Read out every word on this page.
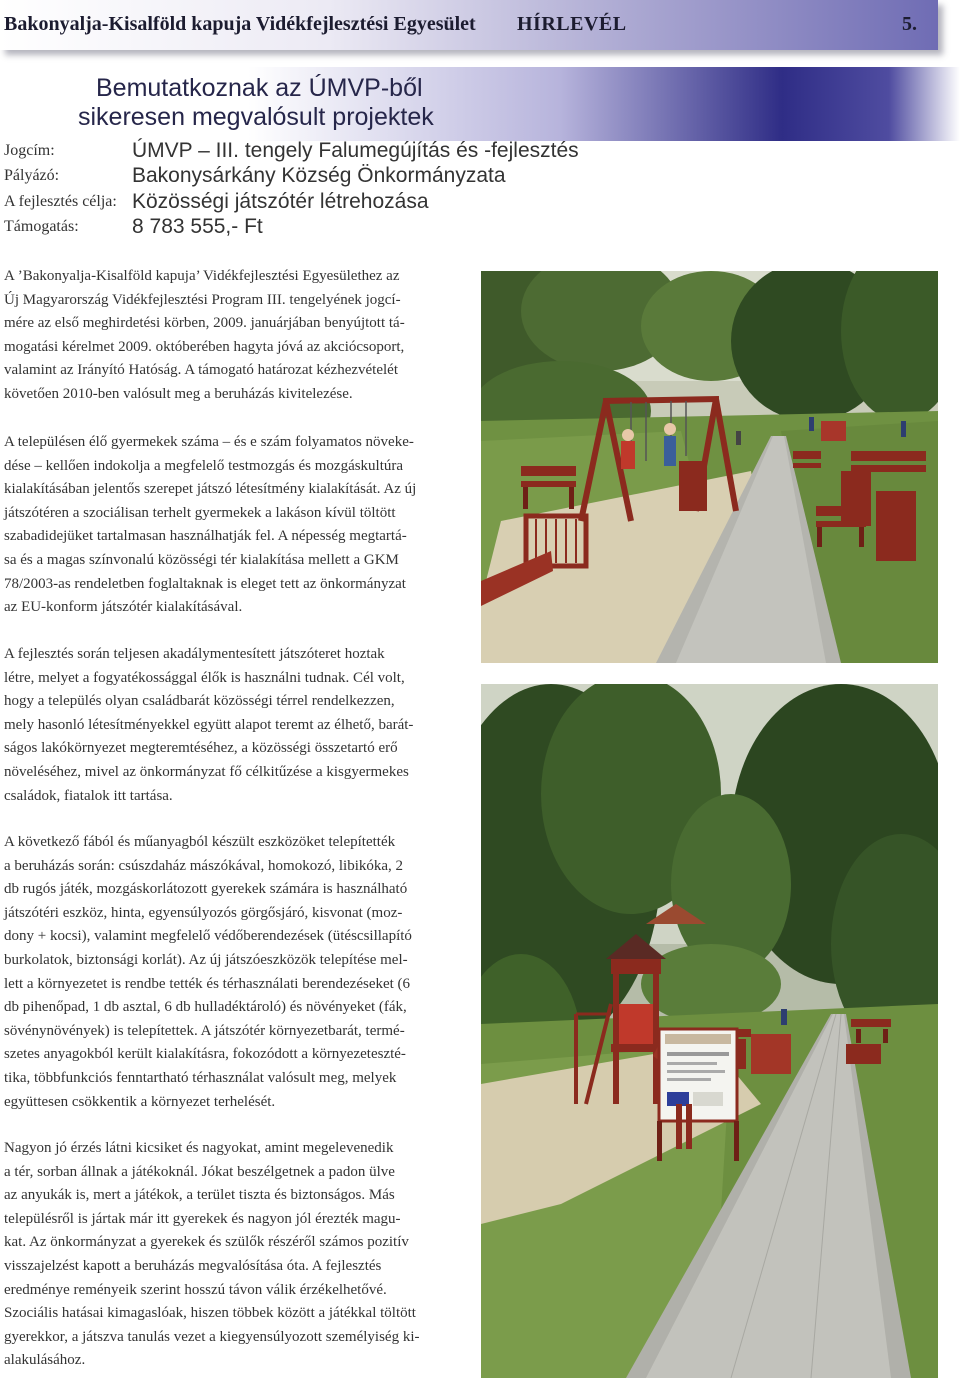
Bakonyalja-Kisalföld kapuja Vidékfejlesztési Egyesület HÍRLEVÉL	5.
Bemutatkoznak az ÚMVP-ből
sikeresen megvalósult projektek
Jogcím:	ÚMVP – III. tengely Falumegújítás és -fejlesztés
Pályázó:	Bakonysárkány Község Önkormányzata
A fejlesztés célja: Közösségi játszótér létrehozása
Támogatás:	8 783 555,- Ft
A ’Bakonyalja-Kisalföld kapuja’ Vidékfejlesztési Egyesülethez az
Új Magyarország Vidékfejlesztési Program III. tengelyének jogcí-
mére az első meghirdetési körben, 2009. januárjában benyújtott tá-
mogatási kérelmet 2009. októberében hagyta jóvá az akciócsoport,
valamint az Irányító Hatóság. A támogató határozat kézhezvételét
követően 2010-ben valósult meg a beruházás kivitelezése.
A településen élő gyermekek száma – és e szám folyamatos növeke-
dése – kellően indokolja a megfelelő testmozgás és mozgáskultúra
kialakításában jelentős szerepet játszó létesítmény kialakítását. Az új
játszótéren a szociálisan terhelt gyermekek a lakáson kívül töltött
szabadidejüket tartalmasan használhatják fel. A népesség megtartá-
sa és a magas színvonalú közösségi tér kialakítása mellett a GKM
78/2003-as rendeletben foglaltaknak is eleget tett az önkormányzat
az EU-konform játszótér kialakításával.
A fejlesztés során teljesen akadálymentesített játszóteret hoztak
létre, melyet a fogyatékossággal élők is használni tudnak. Cél volt,
hogy a település olyan családbarát közösségi térrel rendelkezzen,
mely hasonló létesítményekkel együtt alapot teremt az élhető, barát-
ságos lakókörnyezet megteremtéséhez, a közösségi összetartó erő
növeléséhez, mivel az önkormányzat fő célkitűzése a kisgyermekes
családok, fiatalok itt tartása.
A következő fából és műanyagból készült eszközöket telepítették
a beruházás során: csúszdaház mászókával, homokozó, libikóka, 2
db rugós játék, mozgáskorlátozott gyerekek számára is használható
játszótéri eszköz, hinta, egyensúlyozós görgősjáró, kisvonat (moz-
dony + kocsi), valamint megfelelő védőberendezések (ütéscsillapító
burkolatok, biztonsági korlát). Az új játszóeszközök telepítése mel-
lett a környezetet is rendbe tették és térhasználati berendezéseket (6
db pihenőpad, 1 db asztal, 6 db hulladéktároló) és növényeket (fák,
sövénynövények) is telepítettek. A játszótér környezetbarát, termé-
szetes anyagokból került kialakításra, fokozódott a környezeteszté-
tika, többfunkciós fenntartható térhasználat valósult meg, melyek
együttesen csökkentik a környezet terhelését.
Nagyon jó érzés látni kicsiket és nagyokat, amint megelevenedik
a tér, sorban állnak a játékoknál. Jókat beszélgetnek a padon ülve
az anyukák is, mert a játékok, a terület tiszta és biztonságos. Más
településről is jártak már itt gyerekek és nagyon jól érezték magu-
kat. Az önkormányzat a gyerekek és szülők részéről számos pozitív
visszajelzést kapott a beruházás megvalósítása óta. A fejlesztés
eredménye reményeik szerint hosszú távon válik érzékelhetővé.
Szociális hatásai kimagaslóak, hiszen többek között a játékkal töltött
gyerekkor, a játszva tanulás vezet a kiegyensúlyozott személyiség ki-
alakulásához.
